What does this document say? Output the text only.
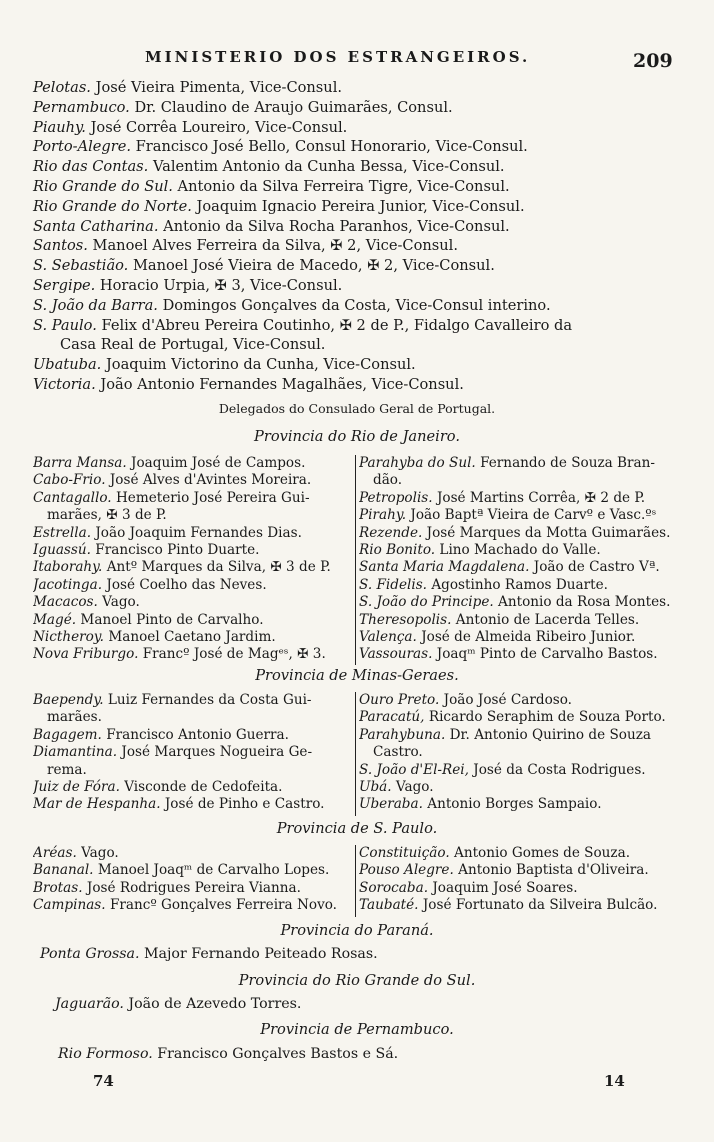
MINISTERIO DOS ESTRANGEIROS.	209
Pelotas. José Vieira Pimenta, Vice-Consul.
Pernambuco. Dr. Claudino de Araujo Guimarães, Consul.
Piauhy. José Corrêa Loureiro, Vice-Consul.
Porto-Alegre. Francisco José Bello, Consul Honorario, Vice-Consul.
Rio das Contas. Valentim Antonio da Cunha Bessa, Vice-Consul.
Rio Grande do Sul. Antonio da Silva Ferreira Tigre, Vice-Consul.
Rio Grande do Norte. Joaquim Ignacio Pereira Junior, Vice-Consul.
Santa Catharina. Antonio da Silva Rocha Paranhos, Vice-Consul.
Santos. Manoel Alves Ferreira da Silva, ✠ 2, Vice-Consul.
S. Sebastião. Manoel José Vieira de Macedo, ✠ 2, Vice-Consul.
Sergipe. Horacio Urpia, ✠ 3, Vice-Consul.
S. João da Barra. Domingos Gonçalves da Costa, Vice-Consul interino.
S. Paulo. Felix d'Abreu Pereira Coutinho, ✠ 2 de P., Fidalgo Cavalleiro da
Casa Real de Portugal, Vice-Consul.
Ubatuba. Joaquim Victorino da Cunha, Vice-Consul.
Victoria. João Antonio Fernandes Magalhães, Vice-Consul.
Delegados do Consulado Geral de Portugal.
Provincia do Rio de Janeiro.
Barra Mansa. Joaquim José de Campos.
Cabo-Frio. José Alves d'Avintes Moreira.
Cantagallo. Hemeterio José Pereira Gui-
marães, ✠ 3 de P.
Estrella. João Joaquim Fernandes Dias.
Iguassú. Francisco Pinto Duarte.
Itaborahy. Antº Marques da Silva, ✠ 3 de P.
Jacotinga. José Coelho das Neves.
Macacos. Vago.
Magé. Manoel Pinto de Carvalho.
Nictheroy. Manoel Caetano Jardim.
Nova Friburgo. Francº José de Magᵉˢ, ✠ 3.
Parahyba do Sul. Fernando de Souza Bran-
dão.
Petropolis. José Martins Corrêa, ✠ 2 de P.
Pirahy. João Baptª Vieira de Carvº e Vasc.ºˢ
Rezende. José Marques da Motta Guimarães.
Rio Bonito. Lino Machado do Valle.
Santa Maria Magdalena. João de Castro Vª.
S. Fidelis. Agostinho Ramos Duarte.
S. João do Principe. Antonio da Rosa Montes.
Theresopolis. Antonio de Lacerda Telles.
Valença. José de Almeida Ribeiro Junior.
Vassouras. Joaqᵐ Pinto de Carvalho Bastos.
Provincia de Minas-Geraes.
Baependy. Luiz Fernandes da Costa Gui-
marães.
Bagagem. Francisco Antonio Guerra.
Diamantina. José Marques Nogueira Ge-
rema.
Juiz de Fóra. Visconde de Cedofeita.
Mar de Hespanha. José de Pinho e Castro.
Ouro Preto. João José Cardoso.
Paracatú, Ricardo Seraphim de Souza Porto.
Parahybuna. Dr. Antonio Quirino de Souza
Castro.
S. João d'El-Rei, José da Costa Rodrigues.
Ubá. Vago.
Uberaba. Antonio Borges Sampaio.
Provincia de S. Paulo.
Aréas. Vago.
Bananal. Manoel Joaqᵐ de Carvalho Lopes.
Brotas. José Rodrigues Pereira Vianna.
Campinas. Francº Gonçalves Ferreira Novo.
Constituição. Antonio Gomes de Souza.
Pouso Alegre. Antonio Baptista d'Oliveira.
Sorocaba. Joaquim José Soares.
Taubaté. José Fortunato da Silveira Bulcão.
Provincia do Paraná.
Ponta Grossa. Major Fernando Peiteado Rosas.
Provincia do Rio Grande do Sul.
Jaguarão. João de Azevedo Torres.
Provincia de Pernambuco.
Rio Formoso. Francisco Gonçalves Bastos e Sá.
74	14
